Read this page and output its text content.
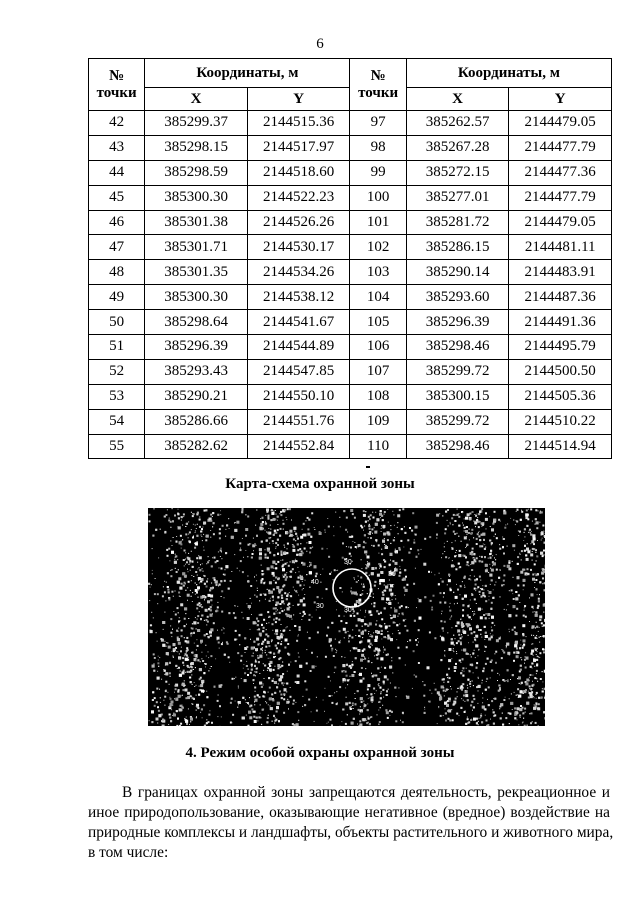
6
№ точки	Координаты, м		№ точки	Координаты, м	
	X	Y		X	Y
42	385299.37	2144515.36	97	385262.57	2144479.05
43	385298.15	2144517.97	98	385267.28	2144477.79
44	385298.59	2144518.60	99	385272.15	2144477.36
45	385300.30	2144522.23	100	385277.01	2144477.79
46	385301.38	2144526.26	101	385281.72	2144479.05
47	385301.71	2144530.17	102	385286.15	2144481.11
48	385301.35	2144534.26	103	385290.14	2144483.91
49	385300.30	2144538.12	104	385293.60	2144487.36
50	385298.64	2144541.67	105	385296.39	2144491.36
51	385296.39	2144544.89	106	385298.46	2144495.79
52	385293.43	2144547.85	107	385299.72	2144500.50
53	385290.21	2144550.10	108	385300.15	2144505.36
54	385286.66	2144551.76	109	385299.72	2144510.22
55	385282.62	2144552.84	110	385298.46	2144514.94
Карта-схема охранной зоны
30
40
30
30
30
4. Режим особой охраны охранной зоны
В границах охранной зоны запрещаются деятельность, рекреационное и
иное природопользование, оказывающие негативное (вредное) воздействие на
природные комплексы и ландшафты, объекты растительного и животного мира,
в том числе:
